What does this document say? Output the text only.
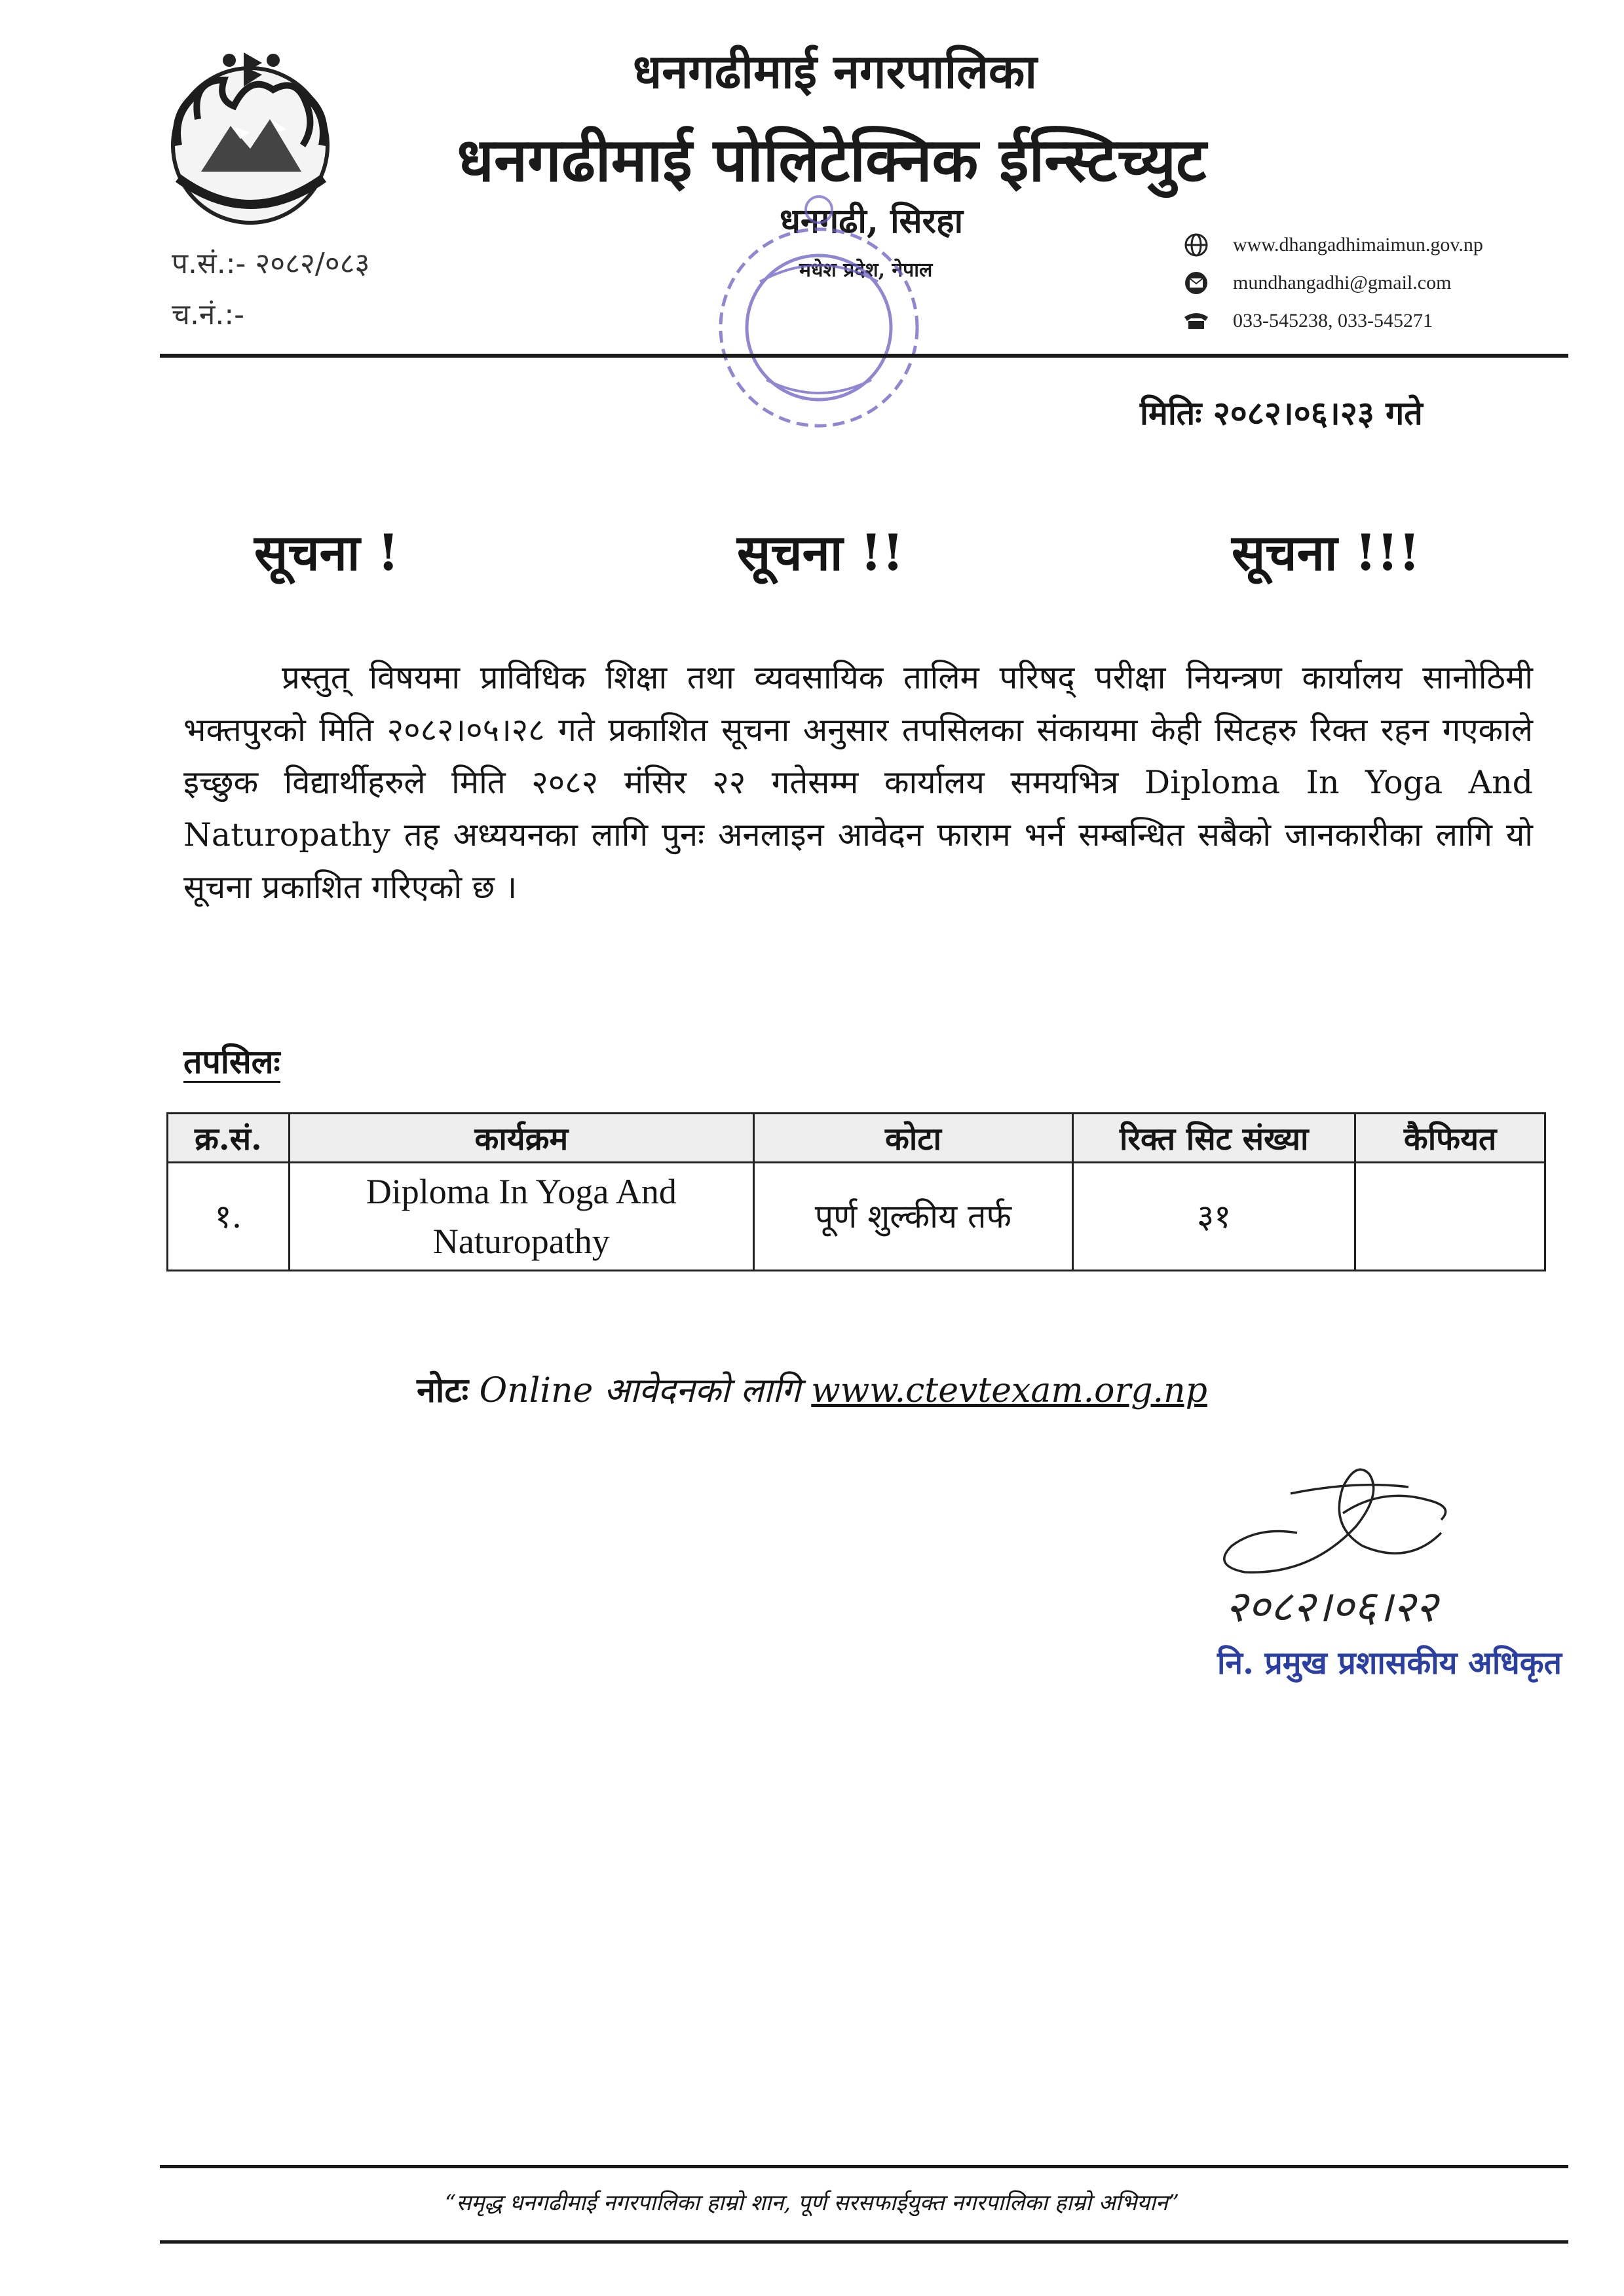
धनगढीमाई नगरपालिका
धनगढीमाई पोलिटेक्निक ईन्स्टिच्युट
धनगढी, सिरहा
मधेश प्रदेश, नेपाल
प.सं.:- २०८२/०८३
च.नं.:-
www.dhangadhimaimun.gov.np
mundhangadhi@gmail.com
033-545238, 033-545271
मितिः २०८२।०६।२३ गते
सूचना !	सूचना !!	सूचना !!!
प्रस्तुत् विषयमा प्राविधिक शिक्षा तथा व्यवसायिक तालिम परिषद् परीक्षा नियन्त्रण कार्यालय सानोठिमी भक्तपुरको मिति २०८२।०५।२८ गते प्रकाशित सूचना अनुसार तपसिलका संकायमा केही सिटहरु रिक्त रहन गएकाले इच्छुक विद्यार्थीहरुले मिति २०८२ मंसिर २२ गतेसम्म कार्यालय समयभित्र Diploma In Yoga And Naturopathy तह अध्ययनका लागि पुनः अनलाइन आवेदन फाराम भर्न सम्बन्धित सबैको जानकारीका लागि यो सूचना प्रकाशित गरिएको छ ।
तपसिलः
क्र.सं.	कार्यक्रम	कोटा	रिक्त सिट संख्या	कैफियत
१.	Diploma In Yoga And
Naturopathy	पूर्ण शुल्कीय तर्फ	३१	
नोटः Online आवेदनको लागि www.ctevtexam.org.np
२०८२।०६।२२
नि. प्रमुख प्रशासकीय अधिकृत
“समृद्ध धनगढीमाई नगरपालिका हाम्रो शान, पूर्ण सरसफाईयुक्त नगरपालिका हाम्रो अभियान”
